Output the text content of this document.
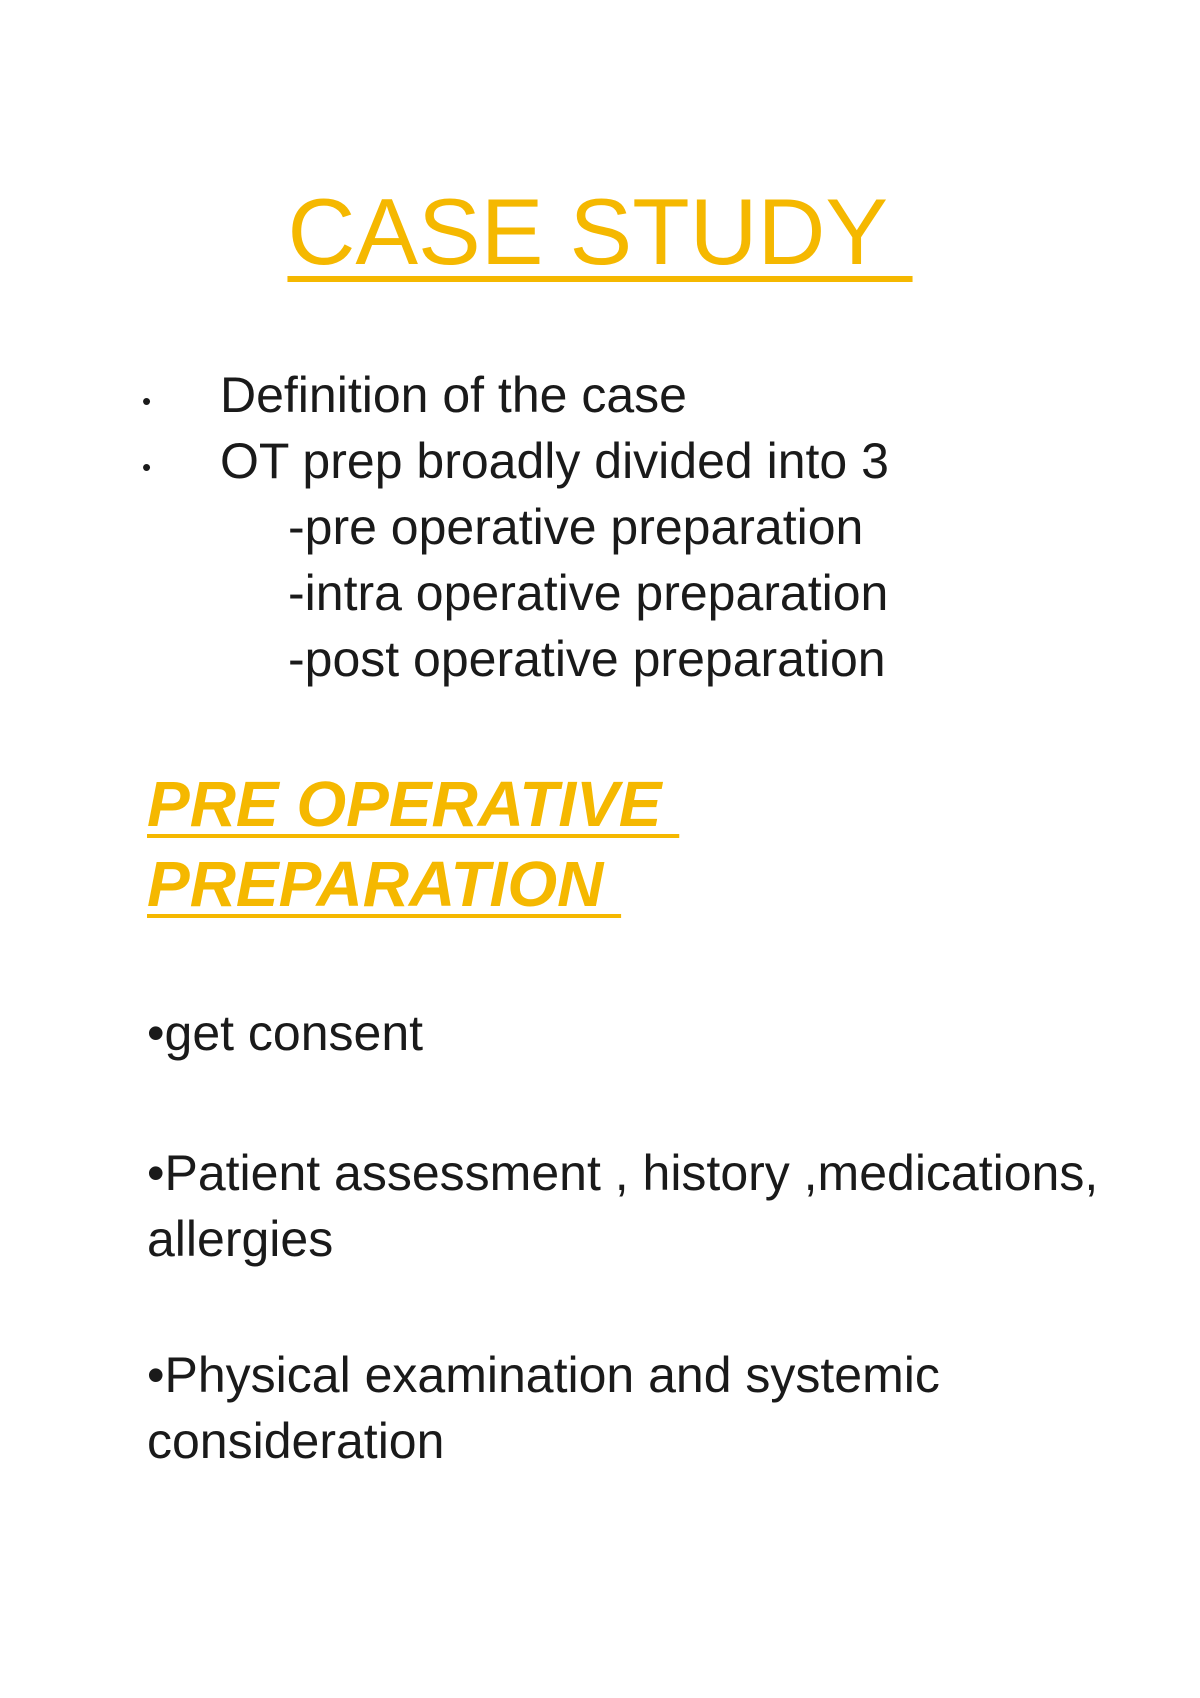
CASE STUDY
• Definition of the case
• OT prep broadly divided into 3
-pre operative preparation
-intra operative preparation
-post operative preparation
PRE OPERATIVE
PREPARATION
•get consent
•Patient assessment , history ,medications, allergies
•Physical examination and systemic consideration
